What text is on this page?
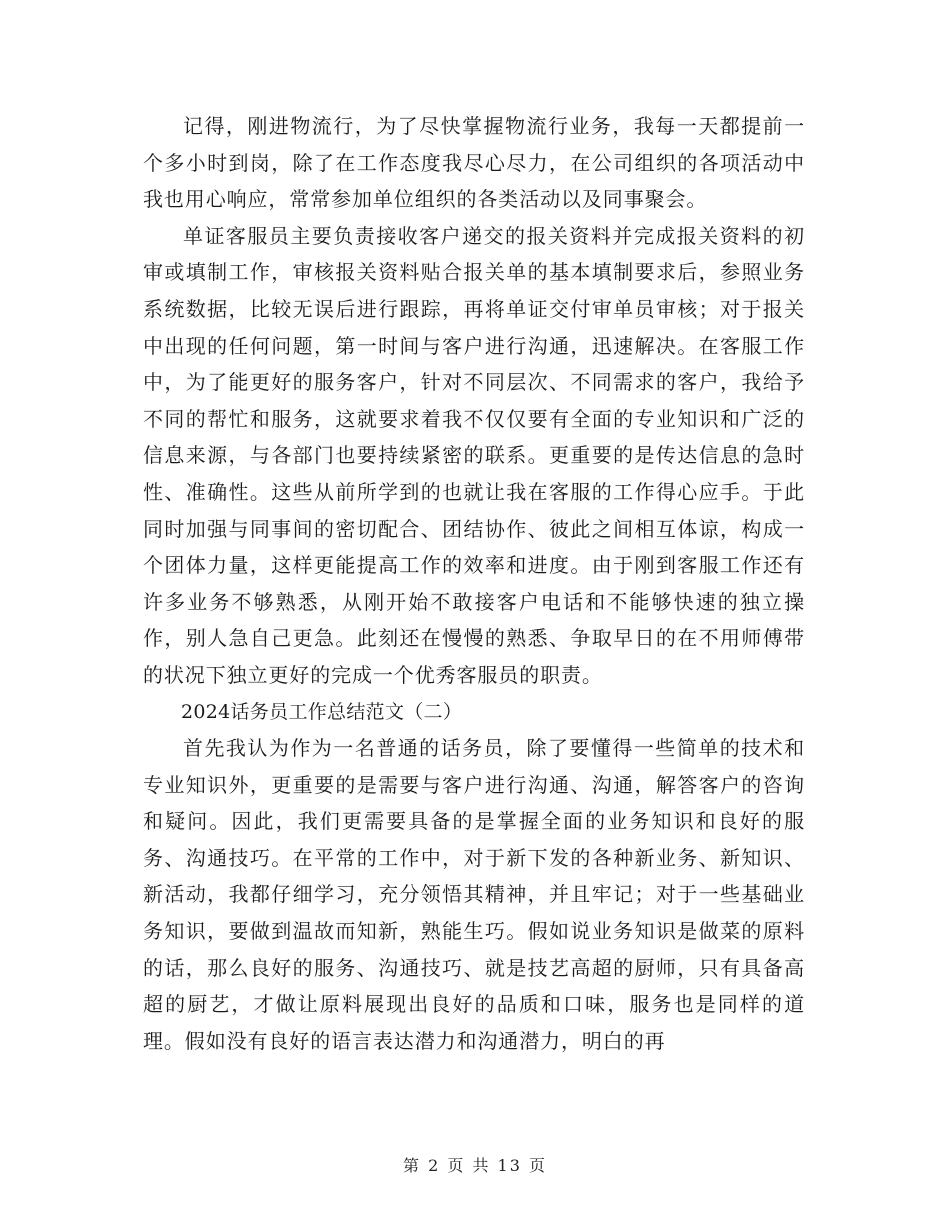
记得，刚进物流行，为了尽快掌握物流行业务，我每一天都提前一个多小时到岗，除了在工作态度我尽心尽力，在公司组织的各项活动中我也用心响应，常常参加单位组织的各类活动以及同事聚会。

单证客服员主要负责接收客户递交的报关资料并完成报关资料的初审或填制工作，审核报关资料贴合报关单的基本填制要求后，参照业务系统数据，比较无误后进行跟踪，再将单证交付审单员审核；对于报关中出现的任何问题，第一时间与客户进行沟通，迅速解决。在客服工作中，为了能更好的服务客户，针对不同层次、不同需求的客户，我给予不同的帮忙和服务，这就要求着我不仅仅要有全面的专业知识和广泛的信息来源，与各部门也要持续紧密的联系。更重要的是传达信息的急时性、准确性。这些从前所学到的也就让我在客服的工作得心应手。于此同时加强与同事间的密切配合、团结协作、彼此之间相互体谅，构成一个团体力量，这样更能提高工作的效率和进度。由于刚到客服工作还有许多业务不够熟悉，从刚开始不敢接客户电话和不能够快速的独立操作，别人急自己更急。此刻还在慢慢的熟悉、争取早日的在不用师傅带的状况下独立更好的完成一个优秀客服员的职责。

2024话务员工作总结范文（二）

首先我认为作为一名普通的话务员，除了要懂得一些简单的技术和专业知识外，更重要的是需要与客户进行沟通、沟通，解答客户的咨询和疑问。因此，我们更需要具备的是掌握全面的业务知识和良好的服务、沟通技巧。在平常的工作中，对于新下发的各种新业务、新知识、新活动，我都仔细学习，充分领悟其精神，并且牢记；对于一些基础业务知识，要做到温故而知新，熟能生巧。假如说业务知识是做菜的原料的话，那么良好的服务、沟通技巧、就是技艺高超的厨师，只有具备高超的厨艺，才做让原料展现出良好的品质和口味，服务也是同样的道理。假如没有良好的语言表达潜力和沟通潜力，明白的再

第 2 页 共 13 页
